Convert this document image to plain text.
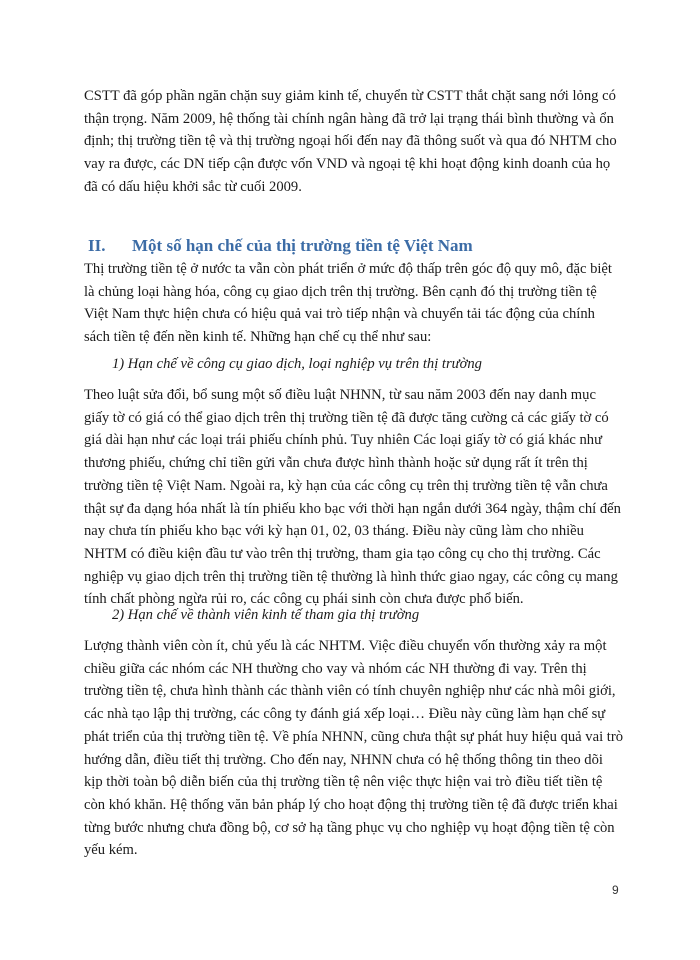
CSTT đã góp phần ngăn chặn suy giảm kinh tế, chuyển từ CSTT thắt chặt sang nới lỏng có thận trọng. Năm 2009, hệ thống tài chính ngân hàng đã trở lại trạng thái bình thường và ổn định; thị trường tiền tệ và thị trường ngoại hối đến nay đã thông suốt và qua đó NHTM cho vay ra được, các DN tiếp cận được vốn VND và ngoại tệ khi hoạt động kinh doanh của họ đã có dấu hiệu khởi sắc từ cuối 2009.

II. Một số hạn chế của thị trường tiền tệ Việt Nam

Thị trường tiền tệ ở nước ta vẫn còn phát triển ở mức độ thấp trên góc độ quy mô, đặc biệt là chủng loại hàng hóa, công cụ giao dịch trên thị trường. Bên cạnh đó thị trường tiền tệ Việt Nam thực hiện chưa có hiệu quả vai trò tiếp nhận và chuyển tải tác động của chính sách tiền tệ đến nền kinh tế. Những hạn chế cụ thể như sau:

1) Hạn chế về công cụ giao dịch, loại nghiệp vụ trên thị trường

Theo luật sửa đổi, bổ sung một số điều luật NHNN, từ sau năm 2003 đến nay danh mục giấy tờ có giá có thể giao dịch trên thị trường tiền tệ đã được tăng cường cả các giấy tờ có giá dài hạn như các loại trái phiếu chính phủ. Tuy nhiên Các loại giấy tờ có giá khác như thương phiếu, chứng chỉ tiền gửi vẫn chưa được hình thành hoặc sử dụng rất ít trên thị trường tiền tệ Việt Nam. Ngoài ra, kỳ hạn của các công cụ trên thị trường tiền tệ vẫn chưa thật sự đa dạng hóa nhất là tín phiếu kho bạc với thời hạn ngắn dưới 364 ngày, thậm chí đến nay chưa tín phiếu kho bạc với kỳ hạn 01, 02, 03 tháng. Điều này cũng làm cho nhiều NHTM có điều kiện đầu tư vào trên thị trường, tham gia tạo công cụ cho thị trường. Các nghiệp vụ giao dịch trên thị trường tiền tệ thường là hình thức giao ngay, các công cụ mang tính chất phòng ngừa rủi ro, các công cụ phái sinh còn chưa được phổ biến.

2) Hạn chế về thành viên kinh tế tham gia thị trường

Lượng thành viên còn ít, chủ yếu là các NHTM. Việc điều chuyển vốn thường xảy ra một chiều giữa các nhóm các NH thường cho vay và nhóm các NH thường đi vay. Trên thị trường tiền tệ, chưa hình thành các thành viên có tính chuyên nghiệp như các nhà môi giới, các nhà tạo lập thị trường, các công ty đánh giá xếp loại… Điều này cũng làm hạn chế sự phát triển của thị trường tiền tệ. Về phía NHNN, cũng chưa thật sự phát huy hiệu quả vai trò hướng dẫn, điều tiết thị trường. Cho đến nay, NHNN chưa có hệ thống thông tin theo dõi kịp thời toàn bộ diễn biến của thị trường tiền tệ nên việc thực hiện vai trò điều tiết tiền tệ còn khó khăn. Hệ thống văn bản pháp lý cho hoạt động thị trường tiền tệ đã được triển khai từng bước nhưng chưa đồng bộ, cơ sở hạ tầng phục vụ cho nghiệp vụ hoạt động tiền tệ còn yếu kém.

9
